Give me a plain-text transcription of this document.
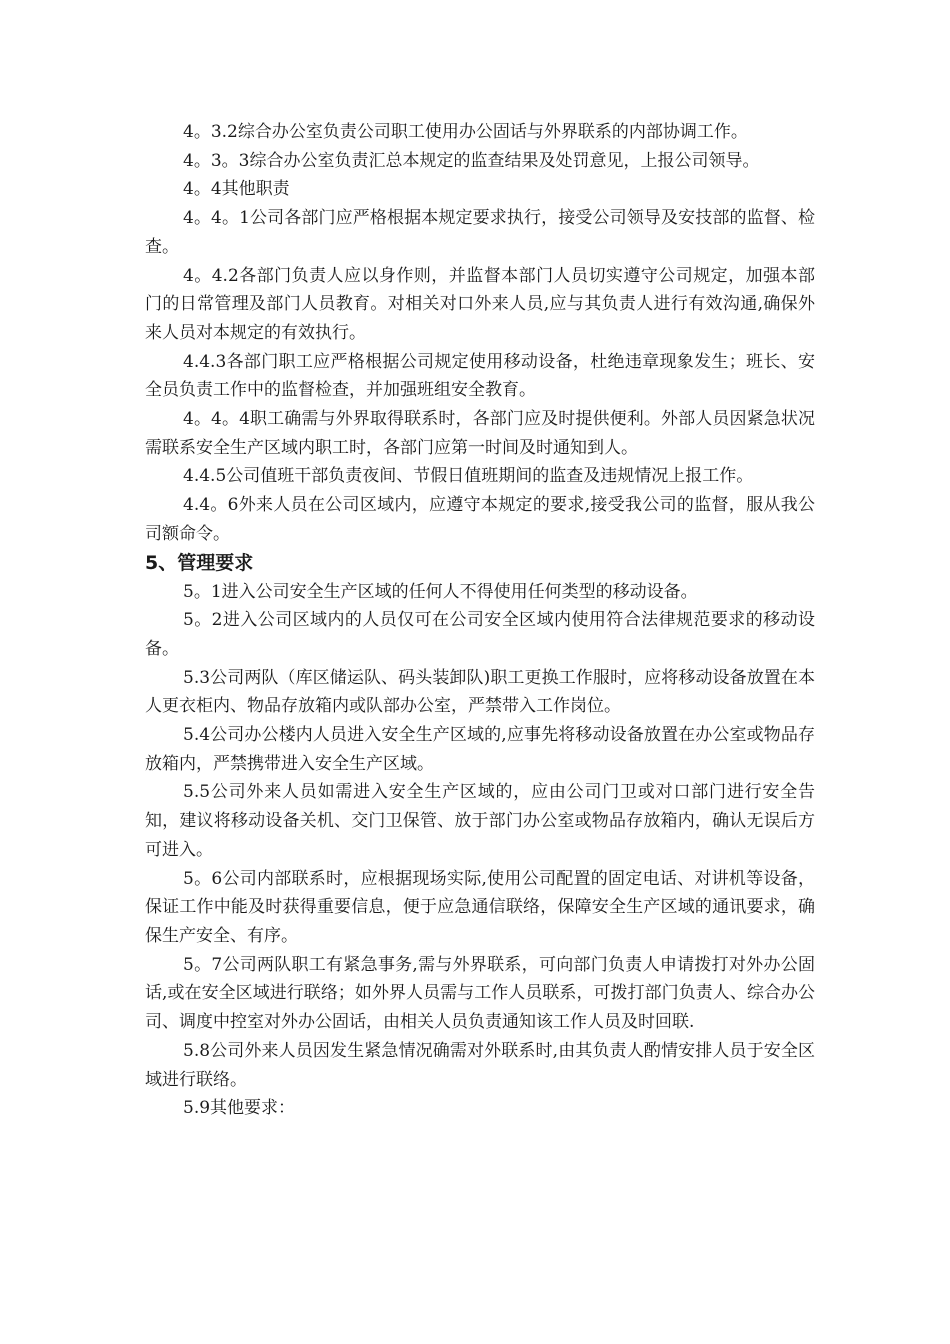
4。3.2综合办公室负责公司职工使用办公固话与外界联系的内部协调工作。

4。3。3综合办公室负责汇总本规定的监查结果及处罚意见，上报公司领导。

4。4其他职责

4。4。1公司各部门应严格根据本规定要求执行，接受公司领导及安技部的监督、检查。

4。4.2各部门负责人应以身作则，并监督本部门人员切实遵守公司规定，加强本部门的日常管理及部门人员教育。对相关对口外来人员,应与其负责人进行有效沟通,确保外来人员对本规定的有效执行。

4.4.3各部门职工应严格根据公司规定使用移动设备，杜绝违章现象发生；班长、安全员负责工作中的监督检查，并加强班组安全教育。

4。4。4职工确需与外界取得联系时，各部门应及时提供便利。外部人员因紧急状况需联系安全生产区域内职工时，各部门应第一时间及时通知到人。

4.4.5公司值班干部负责夜间、节假日值班期间的监查及违规情况上报工作。

4.4。6外来人员在公司区域内，应遵守本规定的要求,接受我公司的监督，服从我公司额命令。

5、管理要求

5。1进入公司安全生产区域的任何人不得使用任何类型的移动设备。

5。2进入公司区域内的人员仅可在公司安全区域内使用符合法律规范要求的移动设备。

5.3公司两队（库区储运队、码头装卸队)职工更换工作服时，应将移动设备放置在本人更衣柜内、物品存放箱内或队部办公室，严禁带入工作岗位。

5.4公司办公楼内人员进入安全生产区域的,应事先将移动设备放置在办公室或物品存放箱内，严禁携带进入安全生产区域。

5.5公司外来人员如需进入安全生产区域的，应由公司门卫或对口部门进行安全告知，建议将移动设备关机、交门卫保管、放于部门办公室或物品存放箱内，确认无误后方可进入。

5。6公司内部联系时，应根据现场实际,使用公司配置的固定电话、对讲机等设备，保证工作中能及时获得重要信息，便于应急通信联络，保障安全生产区域的通讯要求，确保生产安全、有序。

5。7公司两队职工有紧急事务,需与外界联系，可向部门负责人申请拨打对外办公固话,或在安全区域进行联络；如外界人员需与工作人员联系，可拨打部门负责人、综合办公司、调度中控室对外办公固话，由相关人员负责通知该工作人员及时回联.

5.8公司外来人员因发生紧急情况确需对外联系时,由其负责人酌情安排人员于安全区域进行联络。

5.9其他要求：
